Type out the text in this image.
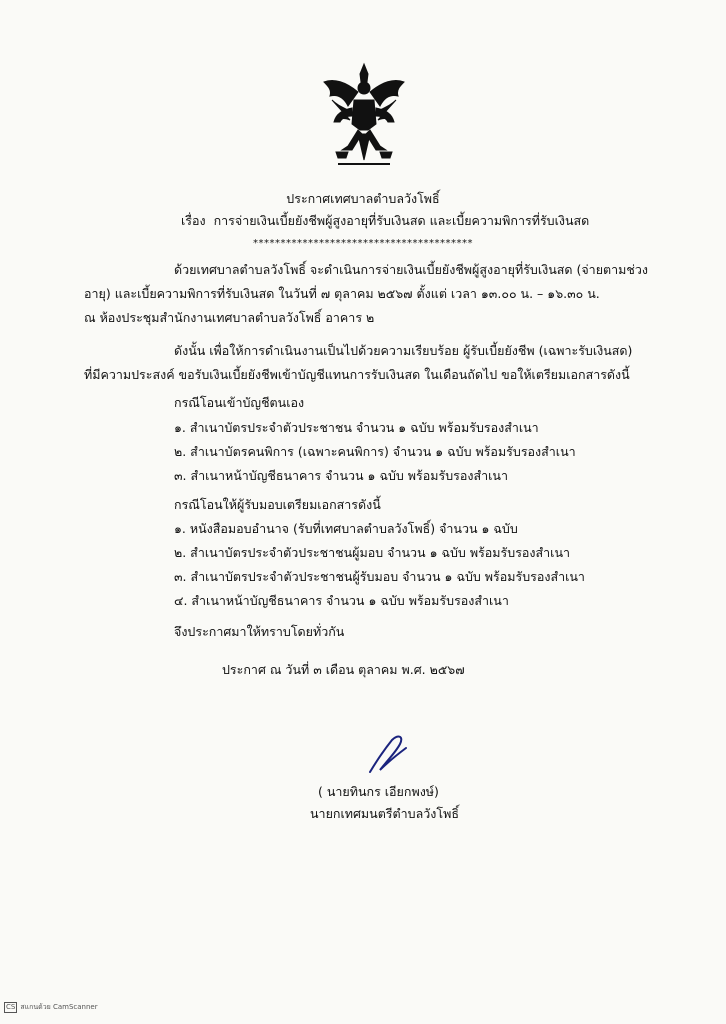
ประกาศเทศบาลตำบลวังโพธิ์
เรื่อง การจ่ายเงินเบี้ยยังชีพผู้สูงอายุที่รับเงินสด และเบี้ยความพิการที่รับเงินสด
****************************************
ด้วยเทศบาลตำบลวังโพธิ์ จะดำเนินการจ่ายเงินเบี้ยยังชีพผู้สูงอายุที่รับเงินสด (จ่ายตามช่วง
อายุ) และเบี้ยความพิการที่รับเงินสด ในวันที่ ๗ ตุลาคม ๒๕๖๗ ตั้งแต่ เวลา ๑๓.๐๐ น. – ๑๖.๓๐ น.
ณ ห้องประชุมสำนักงานเทศบาลตำบลวังโพธิ์ อาคาร ๒
ดังนั้น เพื่อให้การดำเนินงานเป็นไปด้วยความเรียบร้อย ผู้รับเบี้ยยังชีพ (เฉพาะรับเงินสด)
ที่มีความประสงค์ ขอรับเงินเบี้ยยังชีพเข้าบัญชีแทนการรับเงินสด ในเดือนถัดไป ขอให้เตรียมเอกสารดังนี้
กรณีโอนเข้าบัญชีตนเอง
๑. สำเนาบัตรประจำตัวประชาชน จำนวน ๑ ฉบับ พร้อมรับรองสำเนา
๒. สำเนาบัตรคนพิการ (เฉพาะคนพิการ) จำนวน ๑ ฉบับ พร้อมรับรองสำเนา
๓. สำเนาหน้าบัญชีธนาคาร จำนวน ๑ ฉบับ พร้อมรับรองสำเนา
กรณีโอนให้ผู้รับมอบเตรียมเอกสารดังนี้
๑. หนังสือมอบอำนาจ (รับที่เทศบาลตำบลวังโพธิ์) จำนวน ๑ ฉบับ
๒. สำเนาบัตรประจำตัวประชาชนผู้มอบ จำนวน ๑ ฉบับ พร้อมรับรองสำเนา
๓. สำเนาบัตรประจำตัวประชาชนผู้รับมอบ จำนวน ๑ ฉบับ พร้อมรับรองสำเนา
๔. สำเนาหน้าบัญชีธนาคาร จำนวน ๑ ฉบับ พร้อมรับรองสำเนา
จึงประกาศมาให้ทราบโดยทั่วกัน
ประกาศ ณ วันที่ ๓ เดือน ตุลาคม พ.ศ. ๒๕๖๗
( นายทินกร เอียกพงษ์)
นายกเทศมนตรีตำบลวังโพธิ์
CS สแกนด้วย CamScanner
